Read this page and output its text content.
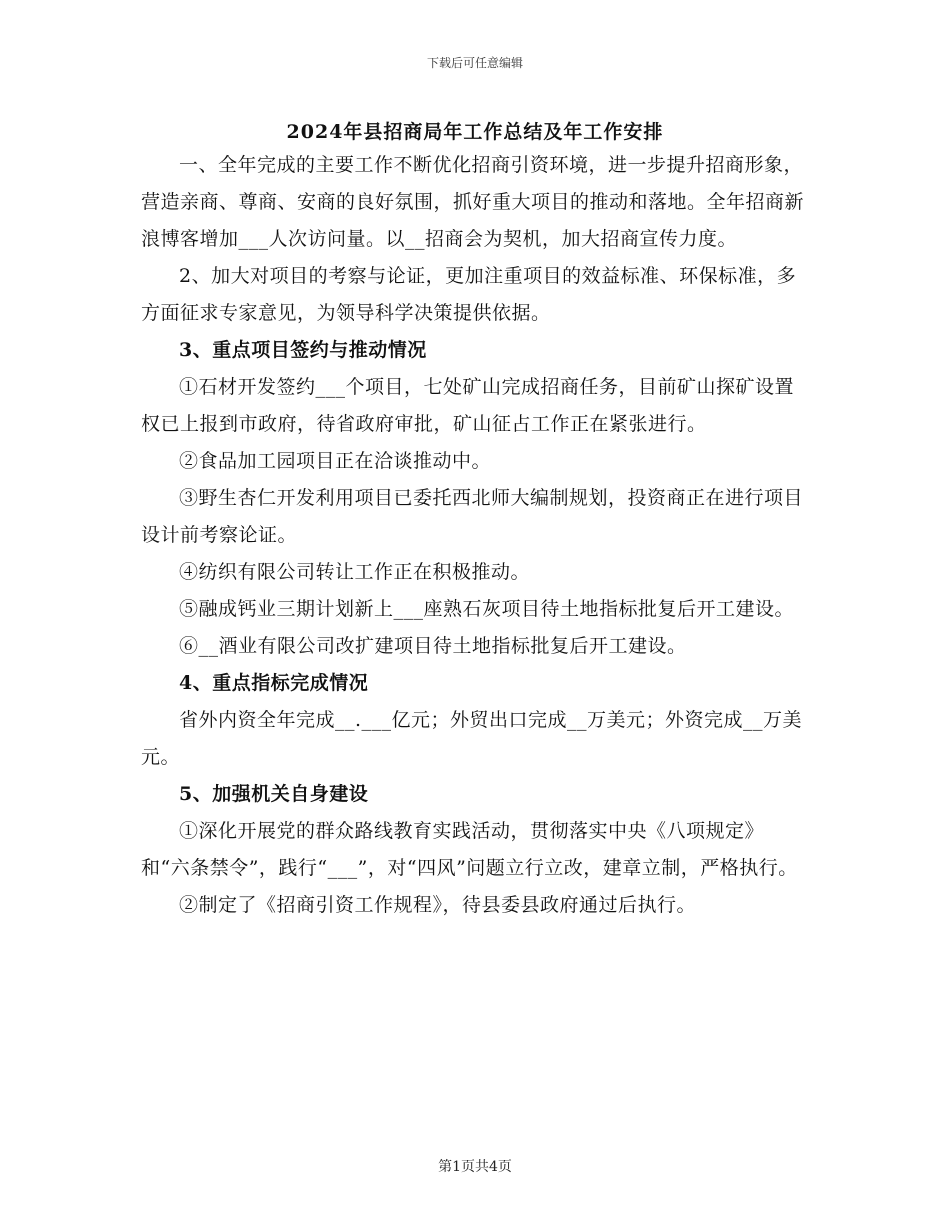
下载后可任意编辑
2024年县招商局年工作总结及年工作安排

一、全年完成的主要工作不断优化招商引资环境，进一步提升招商形象，营造亲商、尊商、安商的良好氛围，抓好重大项目的推动和落地。全年招商新浪博客增加___人次访问量。以__招商会为契机，加大招商宣传力度。

2、加大对项目的考察与论证，更加注重项目的效益标准、环保标准，多方面征求专家意见，为领导科学决策提供依据。

3、重点项目签约与推动情况

①石材开发签约___个项目，七处矿山完成招商任务，目前矿山探矿设置权已上报到市政府，待省政府审批，矿山征占工作正在紧张进行。

②食品加工园项目正在洽谈推动中。

③野生杏仁开发利用项目已委托西北师大编制规划，投资商正在进行项目设计前考察论证。

④纺织有限公司转让工作正在积极推动。

⑤融成钙业三期计划新上___座熟石灰项目待土地指标批复后开工建设。

⑥__酒业有限公司改扩建项目待土地指标批复后开工建设。

4、重点指标完成情况

省外内资全年完成__.___亿元；外贸出口完成__万美元；外资完成__万美元。

5、加强机关自身建设

①深化开展党的群众路线教育实践活动，贯彻落实中央《八项规定》和“六条禁令”，践行“___”，对“四风”问题立行立改，建章立制，严格执行。

②制定了《招商引资工作规程》，待县委县政府通过后执行。

第1页共4页
